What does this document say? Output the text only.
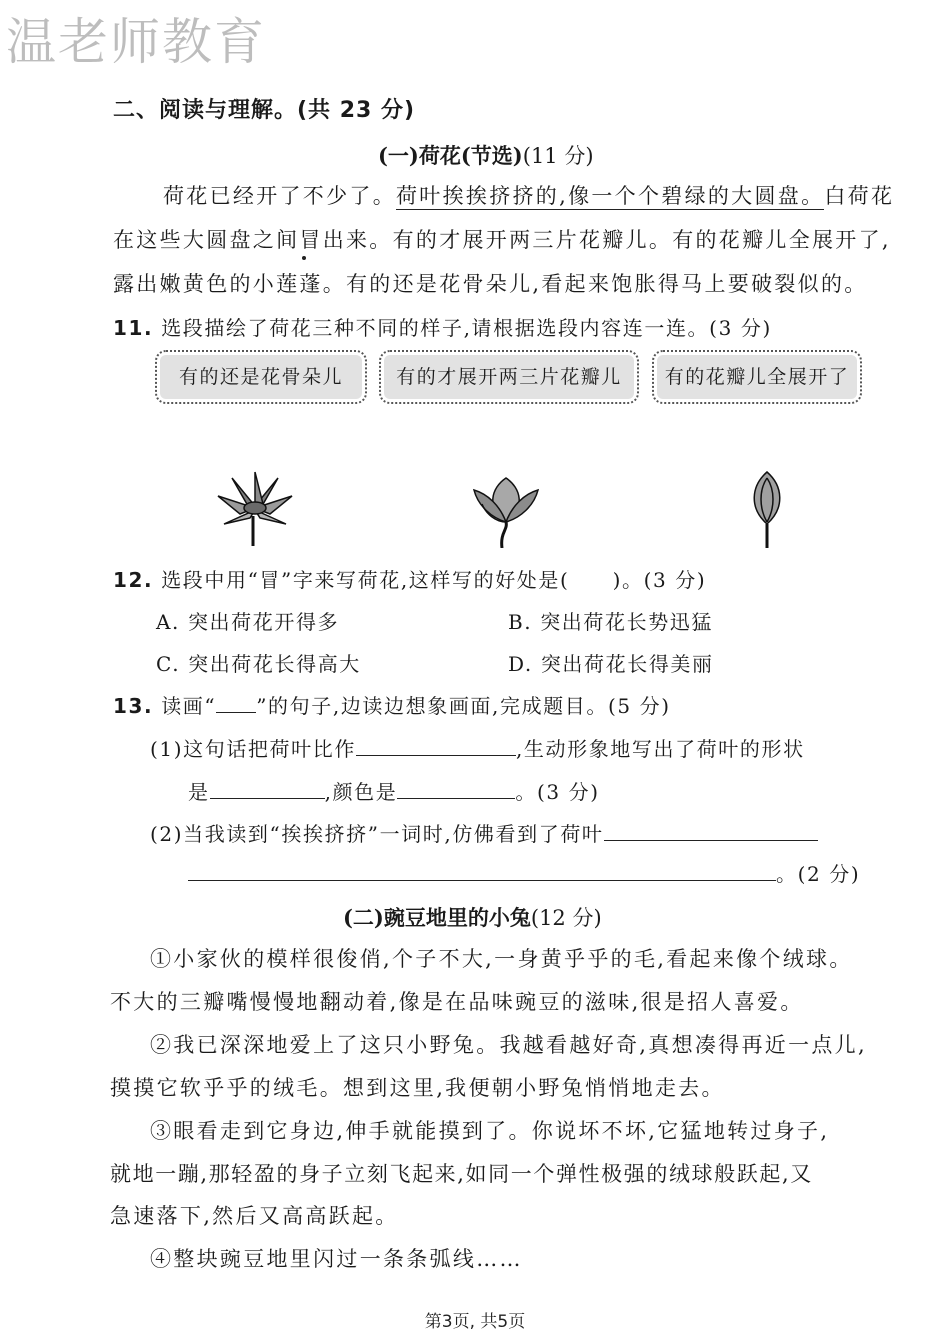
温老师教育
二、阅读与理解。(共 23 分)
(一)荷花(节选)(11 分)
荷花已经开了不少了。荷叶挨挨挤挤的,像一个个碧绿的大圆盘。白荷花
在这些大圆盘之间冒出来。有的才展开两三片花瓣儿。有的花瓣儿全展开了,
露出嫩黄色的小莲蓬。有的还是花骨朵儿,看起来饱胀得马上要破裂似的。
11. 选段描绘了荷花三种不同的样子,请根据选段内容连一连。(3 分)
有的还是花骨朵儿	有的才展开两三片花瓣儿	有的花瓣儿全展开了
12. 选段中用“冒”字来写荷花,这样写的好处是(　　)。(3 分)
A. 突出荷花开得多	B. 突出荷花长势迅猛
C. 突出荷花长得高大	D. 突出荷花长得美丽
13. 读画“ ”的句子,边读边想象画面,完成题目。(5 分)
(1)这句话把荷叶比作	,生动形象地写出了荷叶的形状
是	,颜色是	。(3 分)
(2)当我读到“挨挨挤挤”一词时,仿佛看到了荷叶
。(2 分)
(二)豌豆地里的小兔(12 分)
①小家伙的模样很俊俏,个子不大,一身黄乎乎的毛,看起来像个绒球。
不大的三瓣嘴慢慢地翻动着,像是在品味豌豆的滋味,很是招人喜爱。
②我已深深地爱上了这只小野兔。我越看越好奇,真想凑得再近一点儿,
摸摸它软乎乎的绒毛。想到这里,我便朝小野兔悄悄地走去。
③眼看走到它身边,伸手就能摸到了。你说坏不坏,它猛地转过身子,
就地一蹦,那轻盈的身子立刻飞起来,如同一个弹性极强的绒球般跃起,又
急速落下,然后又高高跃起。
④整块豌豆地里闪过一条条弧线……
第3页, 共5页
